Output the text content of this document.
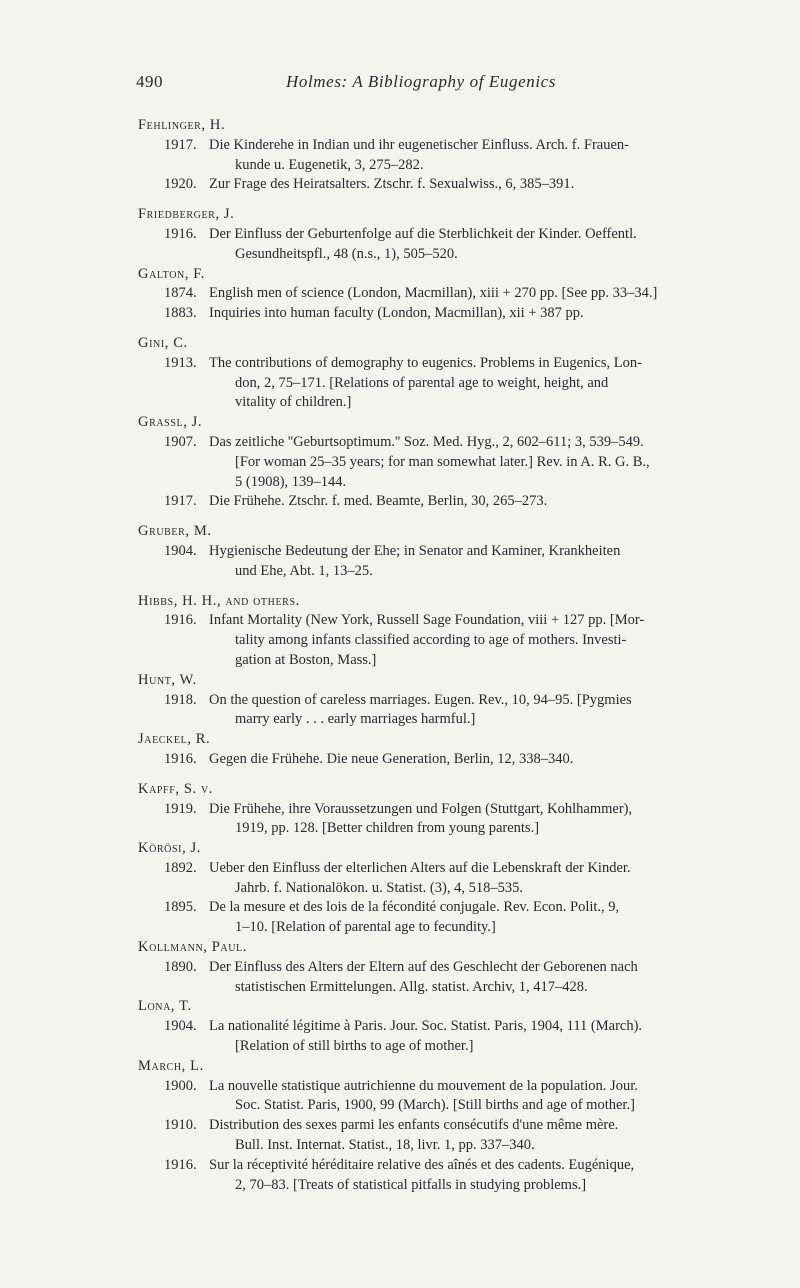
490	Holmes: A Bibliography of Eugenics
Fehlinger, H.
1917. Die Kinderehe in Indian und ihr eugenetischer Einfluss. Arch. f. Frauen-
kunde u. Eugenetik, 3, 275–282.
1920. Zur Frage des Heiratsalters. Ztschr. f. Sexualwiss., 6, 385–391.
Friedberger, J.
1916. Der Einfluss der Geburtenfolge auf die Sterblichkeit der Kinder. Oeffentl.
Gesundheitspfl., 48 (n.s., 1), 505–520.
Galton, F.
1874. English men of science (London, Macmillan), xiii + 270 pp. [See pp. 33–34.]
1883. Inquiries into human faculty (London, Macmillan), xii + 387 pp.
Gini, C.
1913. The contributions of demography to eugenics. Problems in Eugenics, Lon-
don, 2, 75–171. [Relations of parental age to weight, height, and
vitality of children.]
Grassl, J.
1907. Das zeitliche ''Geburtsoptimum.'' Soz. Med. Hyg., 2, 602–611; 3, 539–549.
[For woman 25–35 years; for man somewhat later.] Rev. in A. R. G. B.,
5 (1908), 139–144.
1917. Die Frühehe. Ztschr. f. med. Beamte, Berlin, 30, 265–273.
Gruber, M.
1904. Hygienische Bedeutung der Ehe; in Senator and Kaminer, Krankheiten
und Ehe, Abt. 1, 13–25.
Hibbs, H. H., and others.
1916. Infant Mortality (New York, Russell Sage Foundation, viii + 127 pp. [Mor-
tality among infants classified according to age of mothers. Investi-
gation at Boston, Mass.]
Hunt, W.
1918. On the question of careless marriages. Eugen. Rev., 10, 94–95. [Pygmies
marry early . . . early marriages harmful.]
Jaeckel, R.
1916. Gegen die Frühehe. Die neue Generation, Berlin, 12, 338–340.
Kapff, S. v.
1919. Die Frühehe, ihre Voraussetzungen und Folgen (Stuttgart, Kohlhammer),
1919, pp. 128. [Better children from young parents.]
Körösi, J.
1892. Ueber den Einfluss der elterlichen Alters auf die Lebenskraft der Kinder.
Jahrb. f. Nationalökon. u. Statist. (3), 4, 518–535.
1895. De la mesure et des lois de la fécondité conjugale. Rev. Econ. Polit., 9,
1–10. [Relation of parental age to fecundity.]
Kollmann, Paul.
1890. Der Einfluss des Alters der Eltern auf des Geschlecht der Geborenen nach
statistischen Ermittelungen. Allg. statist. Archiv, 1, 417–428.
Lona, T.
1904. La nationalité légitime à Paris. Jour. Soc. Statist. Paris, 1904, 111 (March).
[Relation of still births to age of mother.]
March, L.
1900. La nouvelle statistique autrichienne du mouvement de la population. Jour.
Soc. Statist. Paris, 1900, 99 (March). [Still births and age of mother.]
1910. Distribution des sexes parmi les enfants consécutifs d'une même mère.
Bull. Inst. Internat. Statist., 18, livr. 1, pp. 337–340.
1916. Sur la réceptivité héréditaire relative des aînés et des cadents. Eugénique,
2, 70–83. [Treats of statistical pitfalls in studying problems.]
